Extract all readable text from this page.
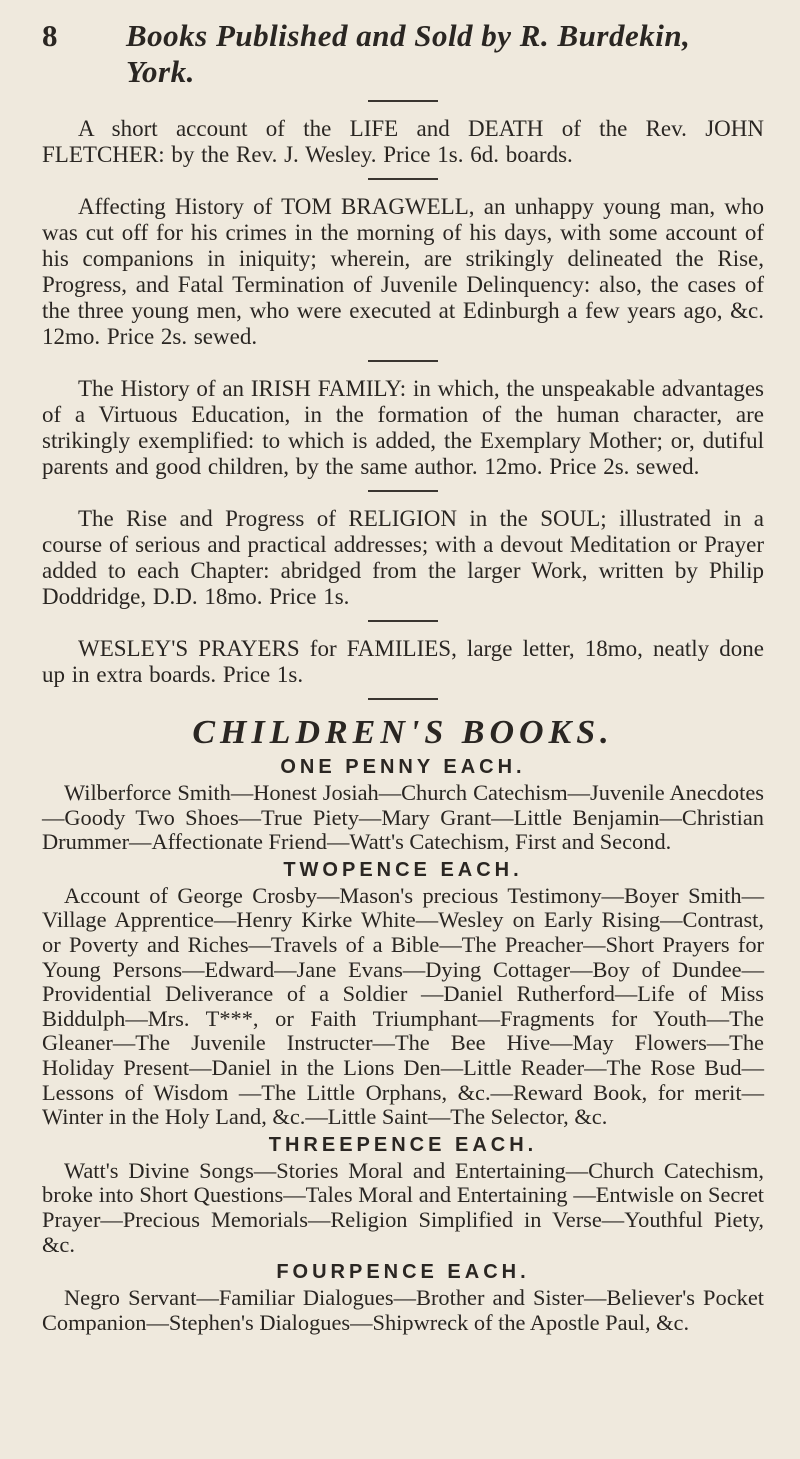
8	Books Published and Sold by R. Burdekin, York.
A short account of the LIFE and DEATH of the Rev. JOHN FLETCHER: by the Rev. J. Wesley. Price 1s. 6d. boards.
Affecting History of TOM BRAGWELL, an unhappy young man, who was cut off for his crimes in the morning of his days, with some account of his companions in iniquity; wherein, are strikingly delineated the Rise, Progress, and Fatal Termination of Juvenile Delinquency: also, the cases of the three young men, who were executed at Edinburgh a few years ago, &c. 12mo. Price 2s. sewed.
The History of an IRISH FAMILY: in which, the unspeakable advantages of a Virtuous Education, in the formation of the human character, are strikingly exemplified: to which is added, the Exemplary Mother; or, dutiful parents and good children, by the same author. 12mo. Price 2s. sewed.
The Rise and Progress of RELIGION in the SOUL; illustrated in a course of serious and practical addresses; with a devout Meditation or Prayer added to each Chapter: abridged from the larger Work, written by Philip Doddridge, D.D. 18mo. Price 1s.
WESLEY'S PRAYERS for FAMILIES, large letter, 18mo, neatly done up in extra boards. Price 1s.
CHILDREN'S BOOKS.
ONE PENNY EACH.
Wilberforce Smith—Honest Josiah—Church Catechism—Juvenile Anecdotes—Goody Two Shoes—True Piety—Mary Grant—Little Benjamin—Christian Drummer—Affectionate Friend—Watt's Catechism, First and Second.
TWOPENCE EACH.
Account of George Crosby—Mason's precious Testimony—Boyer Smith—Village Apprentice—Henry Kirke White—Wesley on Early Rising—Contrast, or Poverty and Riches—Travels of a Bible—The Preacher—Short Prayers for Young Persons—Edward—Jane Evans—Dying Cottager—Boy of Dundee—Providential Deliverance of a Soldier —Daniel Rutherford—Life of Miss Biddulph—Mrs. T***, or Faith Triumphant—Fragments for Youth—The Gleaner—The Juvenile Instructer—The Bee Hive—May Flowers—The Holiday Present—Daniel in the Lions Den—Little Reader—The Rose Bud—Lessons of Wisdom —The Little Orphans, &c.—Reward Book, for merit—Winter in the Holy Land, &c.—Little Saint—The Selector, &c.
THREEPENCE EACH.
Watt's Divine Songs—Stories Moral and Entertaining—Church Catechism, broke into Short Questions—Tales Moral and Entertaining —Entwisle on Secret Prayer—Precious Memorials—Religion Simplified in Verse—Youthful Piety, &c.
FOURPENCE EACH.
Negro Servant—Familiar Dialogues—Brother and Sister—Believer's Pocket Companion—Stephen's Dialogues—Shipwreck of the Apostle Paul, &c.
